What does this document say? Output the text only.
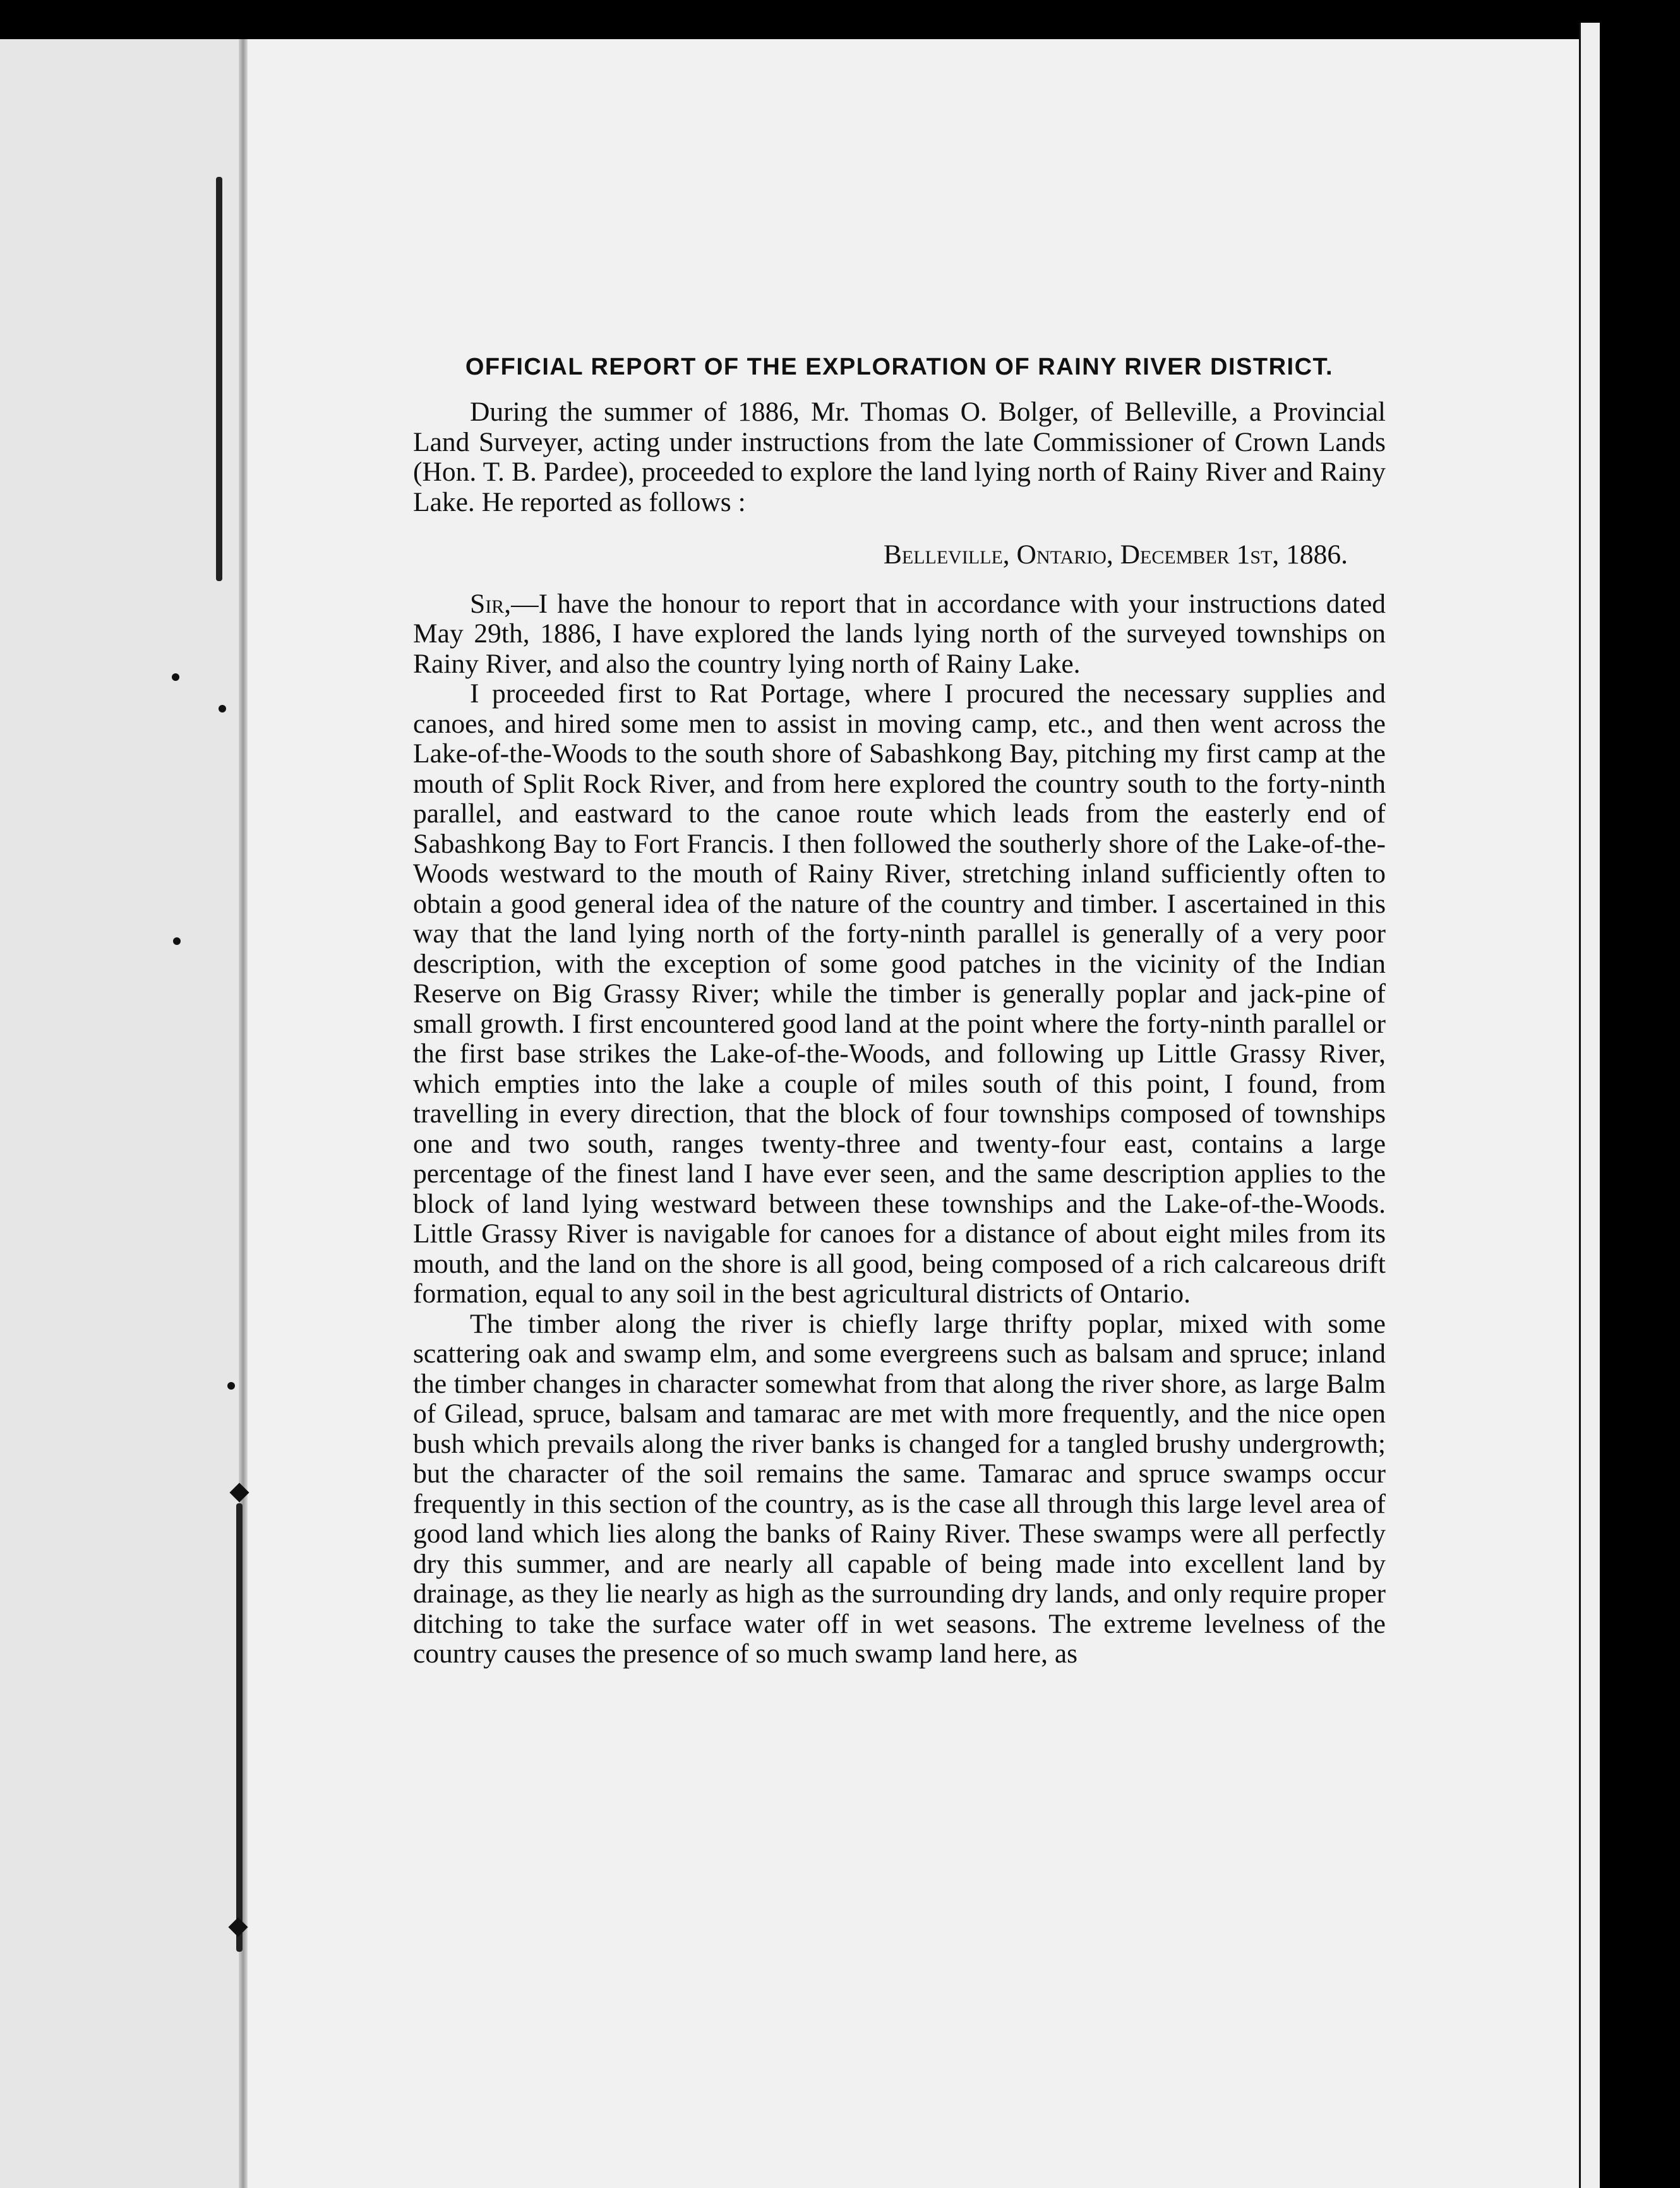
OFFICIAL REPORT OF THE EXPLORATION OF RAINY RIVER DISTRICT.

During the summer of 1886, Mr. Thomas O. Bolger, of Belleville, a Provincial Land Surveyer, acting under instructions from the late Commissioner of Crown Lands (Hon. T. B. Pardee), proceeded to explore the land lying north of Rainy River and Rainy Lake. He reported as follows :

Belleville, Ontario, December 1st, 1886.

Sir,—I have the honour to report that in accordance with your instructions dated May 29th, 1886, I have explored the lands lying north of the surveyed townships on Rainy River, and also the country lying north of Rainy Lake.

I proceeded first to Rat Portage, where I procured the necessary supplies and canoes, and hired some men to assist in moving camp, etc., and then went across the Lake-of-the-Woods to the south shore of Sabashkong Bay, pitching my first camp at the mouth of Split Rock River, and from here explored the country south to the forty-ninth parallel, and eastward to the canoe route which leads from the easterly end of Sabashkong Bay to Fort Francis. I then followed the southerly shore of the Lake-of-the-Woods westward to the mouth of Rainy River, stretching inland sufficiently often to obtain a good general idea of the nature of the country and timber. I ascertained in this way that the land lying north of the forty-ninth parallel is generally of a very poor description, with the exception of some good patches in the vicinity of the Indian Reserve on Big Grassy River; while the timber is generally poplar and jack-pine of small growth. I first encountered good land at the point where the forty-ninth parallel or the first base strikes the Lake-of-the-Woods, and following up Little Grassy River, which empties into the lake a couple of miles south of this point, I found, from travelling in every direction, that the block of four townships composed of townships one and two south, ranges twenty-three and twenty-four east, contains a large percentage of the finest land I have ever seen, and the same description applies to the block of land lying westward between these townships and the Lake-of-the-Woods. Little Grassy River is navigable for canoes for a distance of about eight miles from its mouth, and the land on the shore is all good, being composed of a rich calcareous drift formation, equal to any soil in the best agricultural districts of Ontario.

The timber along the river is chiefly large thrifty poplar, mixed with some scattering oak and swamp elm, and some evergreens such as balsam and spruce; inland the timber changes in character somewhat from that along the river shore, as large Balm of Gilead, spruce, balsam and tamarac are met with more frequently, and the nice open bush which prevails along the river banks is changed for a tangled brushy undergrowth; but the character of the soil remains the same. Tamarac and spruce swamps occur frequently in this section of the country, as is the case all through this large level area of good land which lies along the banks of Rainy River. These swamps were all perfectly dry this summer, and are nearly all capable of being made into excellent land by drainage, as they lie nearly as high as the surrounding dry lands, and only require proper ditching to take the surface water off in wet seasons. The extreme levelness of the country causes the presence of so much swamp land here, as
